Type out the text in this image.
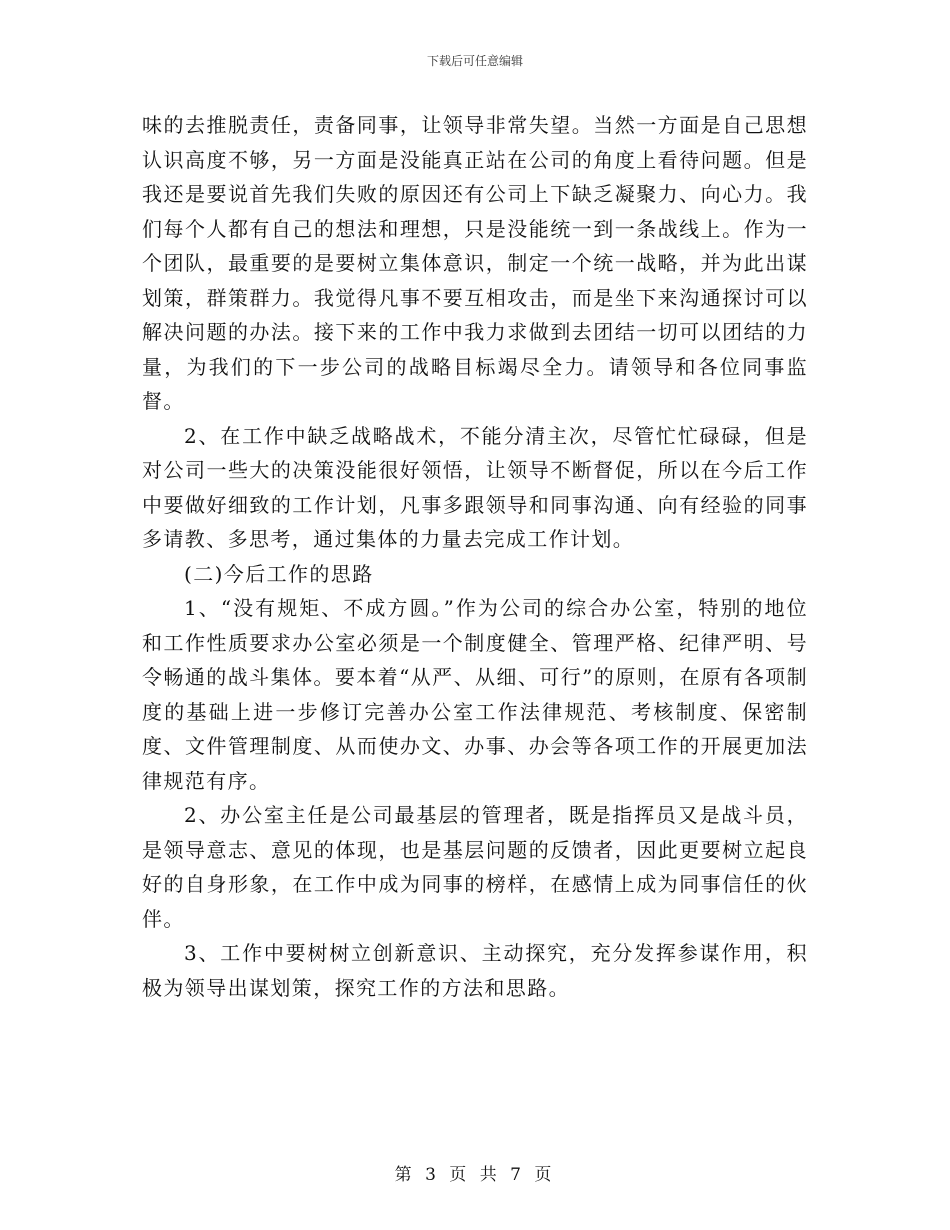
下载后可任意编辑

味的去推脱责任，责备同事，让领导非常失望。当然一方面是自己思想认识高度不够，另一方面是没能真正站在公司的角度上看待问题。但是我还是要说首先我们失败的原因还有公司上下缺乏凝聚力、向心力。我们每个人都有自己的想法和理想，只是没能统一到一条战线上。作为一个团队，最重要的是要树立集体意识，制定一个统一战略，并为此出谋划策，群策群力。我觉得凡事不要互相攻击，而是坐下来沟通探讨可以解决问题的办法。接下来的工作中我力求做到去团结一切可以团结的力量，为我们的下一步公司的战略目标竭尽全力。请领导和各位同事监督。

2、在工作中缺乏战略战术，不能分清主次，尽管忙忙碌碌，但是对公司一些大的决策没能很好领悟，让领导不断督促，所以在今后工作中要做好细致的工作计划，凡事多跟领导和同事沟通、向有经验的同事多请教、多思考，通过集体的力量去完成工作计划。

(二)今后工作的思路

1、“没有规矩、不成方圆。”作为公司的综合办公室，特别的地位和工作性质要求办公室必须是一个制度健全、管理严格、纪律严明、号令畅通的战斗集体。要本着“从严、从细、可行”的原则，在原有各项制度的基础上进一步修订完善办公室工作法律规范、考核制度、保密制度、文件管理制度、从而使办文、办事、办会等各项工作的开展更加法律规范有序。

2、办公室主任是公司最基层的管理者，既是指挥员又是战斗员，是领导意志、意见的体现，也是基层问题的反馈者，因此更要树立起良好的自身形象，在工作中成为同事的榜样，在感情上成为同事信任的伙伴。

3、工作中要树树立创新意识、主动探究，充分发挥参谋作用，积极为领导出谋划策，探究工作的方法和思路。

第 3 页 共 7 页
